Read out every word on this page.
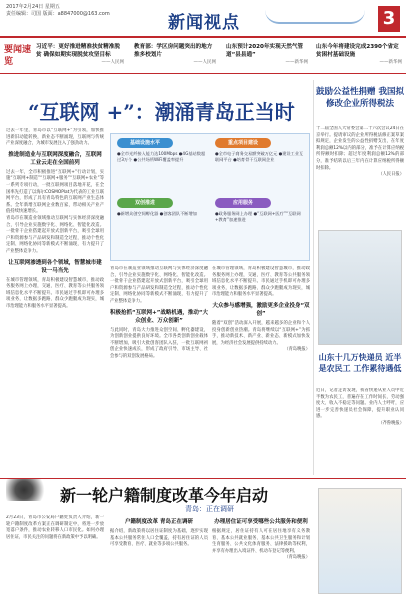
2017年2月24日 星期五
责任编辑：司国 版面：a8847000@163.com	新闻视点	3
要闻速览
习近平：更好推进精准扶贫精准脱贫 确保如期实现脱贫攻坚目标
——人民网
教育部：学区房问题突出的地方推多校划片
——人民网
山东预计2020年实现天然气管道“县县通”
——新华网
山东今年将建设完成2390个省定贫困村基础设施
——新华网
“互联网 +”：潮涌青岛正当时

过去一年里，青岛市以“互联网+”为引领，加快推进新旧动能转换，新业态不断涌现，互联网与传统产业深度融合，为城市发展注入了强劲动力。

推进制造业与互联网深度融合，互联网工业云走在全国前列

过去一年，全市积极推进“互联网+”行动计划，实施“互联网+制造”“互联网+服务”“互联网+农业”等一系列专项行动，一批互联网项目落地开花，在全国率先打造了以海尔COSMOPlat为代表的工业互联网平台，形成了具有青岛特色的互联网产业生态体系。全年新增互联网企业数百家，带动相关产业产值持续快速增长。

青岛市在制造业领域推动互联网与实体经济深度融合，引导企业实施数字化、网络化、智能化改造。一批骨干企业搭建起开放式创新平台，吸引全球用户和资源参与产品研发和制造全过程，推动个性化定制、网络化协同等新模式不断涌现，有力提升了产业整体竞争力。

让互联网渗透到各个领域，智慧城市建设一马当先

在城市管理领域，青岛积极建设智慧城市，推动政务服务网上办理，交通、医疗、教育等公共服务领域信息化水平不断提升。市民通过手机即可办理多项业务，让数据多跑路、群众少跑腿成为现实，城市治理能力和服务水平显著提高。

基础设施水平
●全市光纤接入能力达100Mbps ●4G基站数超过3万个 ●公共场所WiFi覆盖率提升
重点项目建设
●全市电子商务交易额突破万亿元 ●建设工业互联网平台 ●培育骨干互联网企业
双创推进
●新增众创空间孵化器 ●创客团队不断增加
应用服务
●政务服务网上办理 ●“互联网+医疗”“互联网+教育”加速推进

青岛市在制造业领域推动互联网与实体经济深度融合，引导企业实施数字化、网络化、智能化改造。一批骨干企业搭建起开放式创新平台，吸引全球用户和资源参与产品研发和制造全过程，推动个性化定制、网络化协同等新模式不断涌现，有力提升了产业整体竞争力。

积极抢抓“互联网+”战略机遇，推动“大众创业、万众创新”

与此同时，青岛大力推进众创空间、孵化器建设，为创新创业提供良好环境。全市各类创新创业载体不断增加，吸引大批创客团队入驻，一批互联网初创企业快速成长，形成了政府引导、市场主导、社会参与的双创发展格局。

在城市管理领域，青岛积极建设智慧城市，推动政务服务网上办理，交通、医疗、教育等公共服务领域信息化水平不断提升。市民通过手机即可办理多项业务，让数据多跑路、群众少跑腿成为现实，城市治理能力和服务水平显著提高。

大众参与感增强，激励更多企业投身“双创”

随着“双创”活动深入开展，越来越多的企业和个人投身创新创业热潮。青岛将继续以“互联网+”为抓手，推动新技术、新产业、新业态、新模式加快发展，为经济社会发展提供持续动力。

（青岛晚报）

鼓励公益性捐赠 我国拟修改企业所得税法

十二届全国人大常委会第二十六次会议24日在京举行。提请审议的企业所得税法修正案草案拟规定，企业发生的公益性捐赠支出，在年度利润总额12%以内的部分，准予在计算应纳税所得额时扣除；超过年度利润总额12%的部分，准予结转以后三年内在计算应纳税所得额时扣除。

（人民日报）

山东十几万快递员 近半是农民工 工作累待遇低

近日，记者走访发现，我省快递从业人员中近半数为农民工，普遍存在工作时间长、劳动强度大、收入不稳定等问题。业内人士呼吁，应进一步完善快递员社会保障，提升职业认同感。

（齐鲁晚报）

新一轮户籍制度改革今年启动
青岛：正在调研

2月23日，青岛市公安局户籍处负责人介绍，新一轮户籍制度改革方案正在调研制定中，将进一步放宽落户条件，推动农业转移人口市民化。如何办理居住证，市民关注的问题将在新政策中予以明确。

户籍制度改革 青岛正在调研

据介绍，新政策将以居住证制度为基础，逐步实现基本公共服务常住人口全覆盖，持有居住证的人员可享受教育、医疗、就业等多项公共服务。

办理居住证可享受哪些公共服务和便利

根据规定，居住证持有人可在居住地享有义务教育、基本公共就业服务、基本公共卫生服务和计划生育服务、公共文化体育服务、法律援助等权利，并享有办理出入境证件、机动车登记等便利。

（青岛晚报）
